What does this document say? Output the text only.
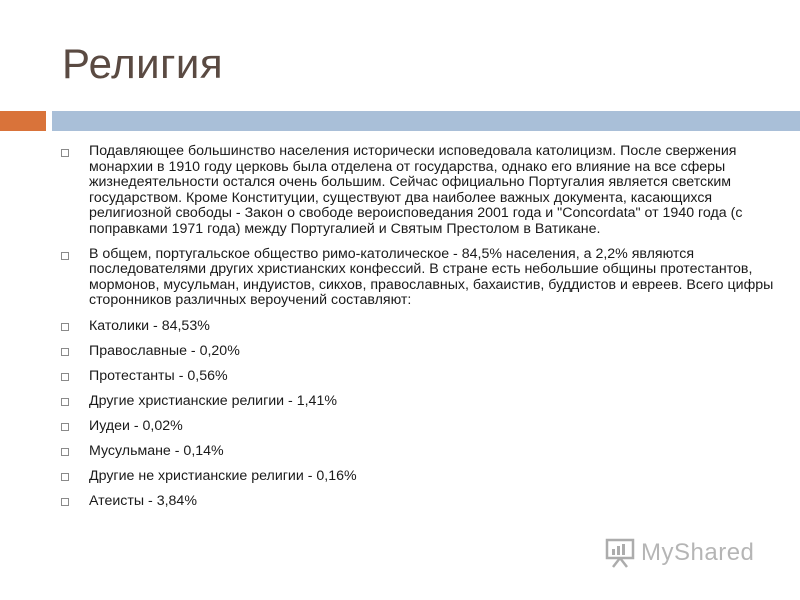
Религия
Подавляющее большинство населения исторически исповедовала католицизм. После свержения монархии в 1910 году церковь была отделена от государства, однако его влияние на все сферы жизнедеятельности остался очень большим. Сейчас официально Португалия является светским государством. Кроме Конституции, существуют два наиболее важных документа, касающихся религиозной свободы - Закон о свободе вероисповедания 2001 года и "Concordata" от 1940 года (с поправками 1971 года) между Португалией и Святым Престолом в Ватикане.
В общем, португальское общество римо-католическое - 84,5% населения, а 2,2% являются последователями других христианских конфессий. В стране есть небольшие общины протестантов, мормонов, мусульман, индуистов, сикхов, православных, бахаистив, буддистов и евреев. Всего цифры сторонников различных вероучений составляют:
Католики - 84,53%
Православные - 0,20%
Протестанты - 0,56%
Другие христианские религии - 1,41%
Иудеи - 0,02%
Мусульмане - 0,14%
Другие не христианские религии - 0,16%
Атеисты - 3,84%
MyShared
